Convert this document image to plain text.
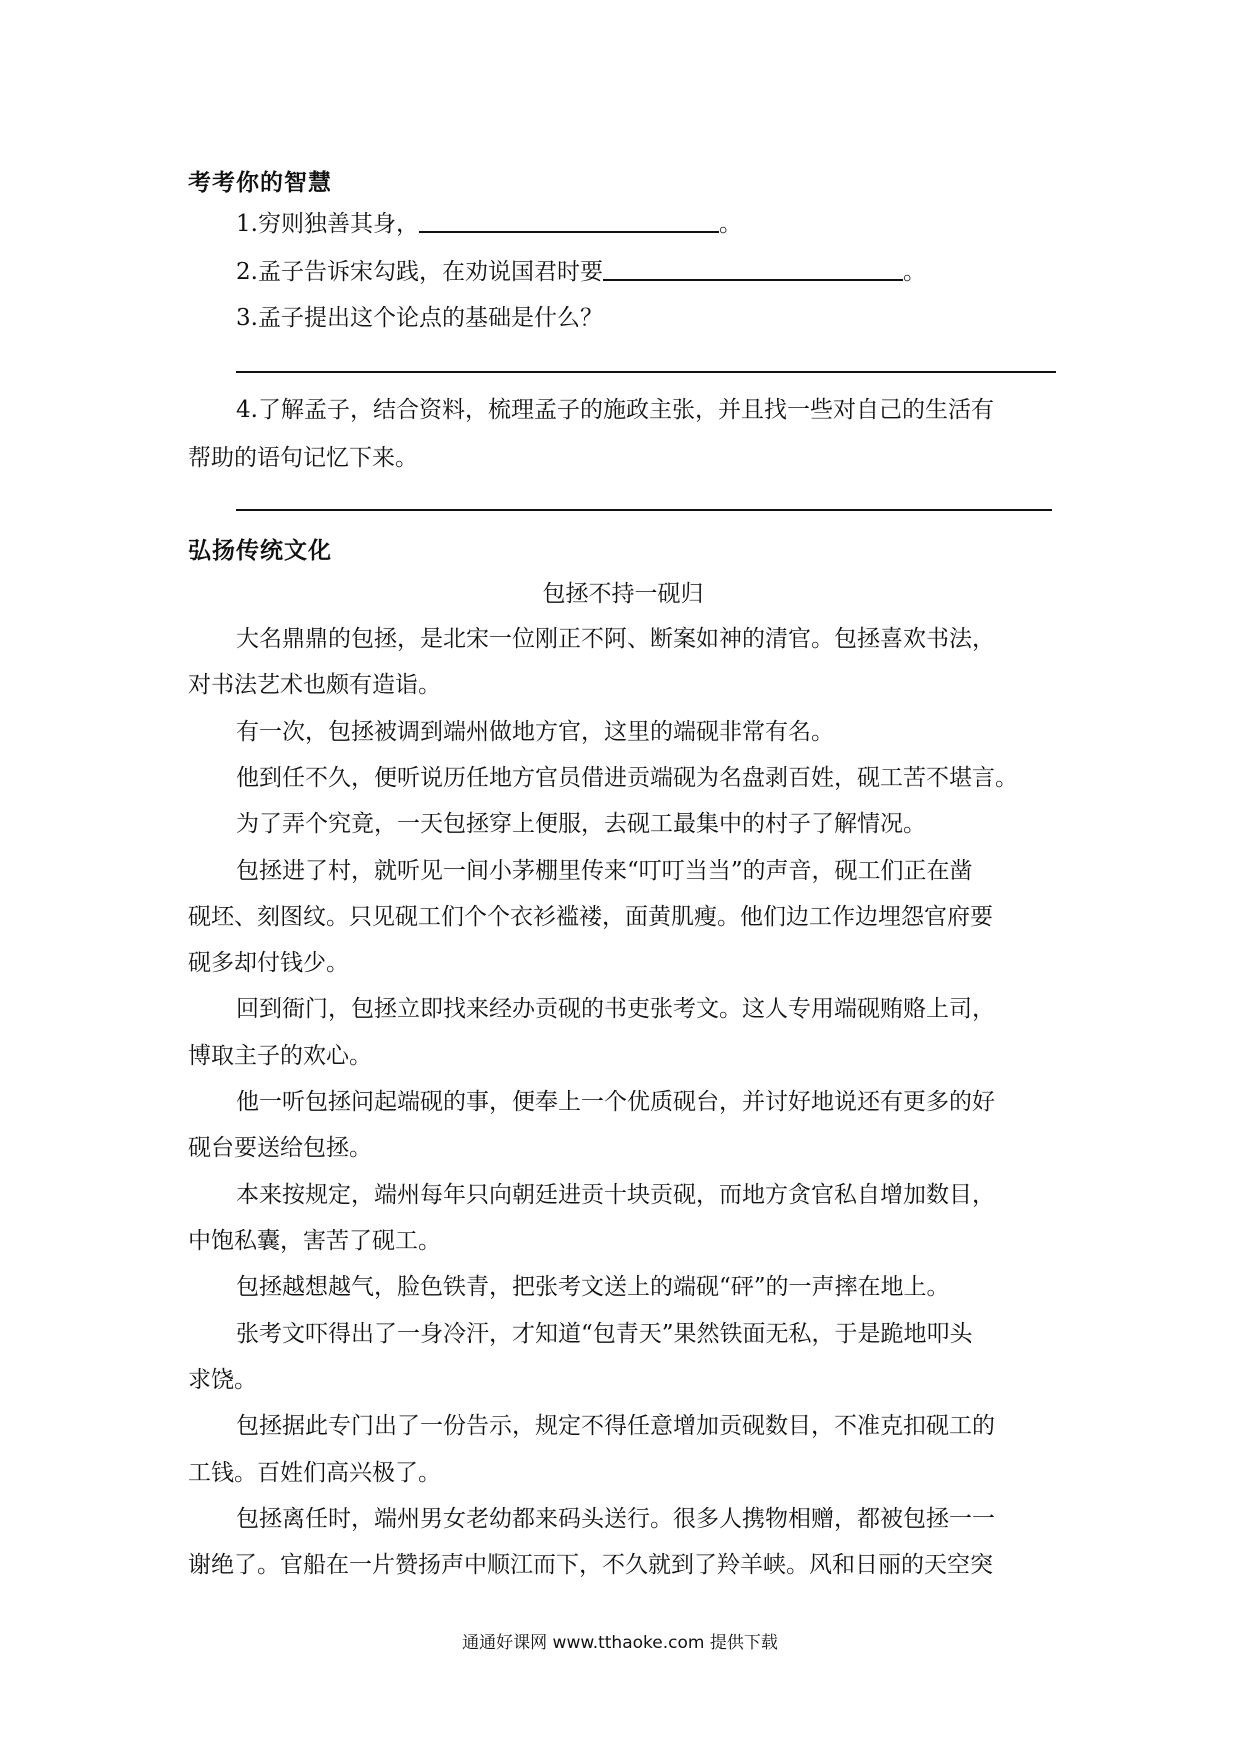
考考你的智慧
1.穷则独善其身，	。
2.孟子告诉宋勾践，在劝说国君时要	。
3.孟子提出这个论点的基础是什么？
4.了解孟子，结合资料，梳理孟子的施政主张，并且找一些对自己的生活有
帮助的语句记忆下来。
弘扬传统文化
包拯不持一砚归
大名鼎鼎的包拯，是北宋一位刚正不阿、断案如神的清官。包拯喜欢书法，
对书法艺术也颇有造诣。
有一次，包拯被调到端州做地方官，这里的端砚非常有名。
他到任不久，便听说历任地方官员借进贡端砚为名盘剥百姓，砚工苦不堪言。
为了弄个究竟，一天包拯穿上便服，去砚工最集中的村子了解情况。
包拯进了村，就听见一间小茅棚里传来“叮叮当当”的声音，砚工们正在凿
砚坯、刻图纹。只见砚工们个个衣衫褴褛，面黄肌瘦。他们边工作边埋怨官府要
砚多却付钱少。
回到衙门，包拯立即找来经办贡砚的书吏张考文。这人专用端砚贿赂上司，
博取主子的欢心。
他一听包拯问起端砚的事，便奉上一个优质砚台，并讨好地说还有更多的好
砚台要送给包拯。
本来按规定，端州每年只向朝廷进贡十块贡砚，而地方贪官私自增加数目，
中饱私囊，害苦了砚工。
包拯越想越气，脸色铁青，把张考文送上的端砚“砰”的一声摔在地上。
张考文吓得出了一身冷汗，才知道“包青天”果然铁面无私，于是跪地叩头
求饶。
包拯据此专门出了一份告示，规定不得任意增加贡砚数目，不准克扣砚工的
工钱。百姓们高兴极了。
包拯离任时，端州男女老幼都来码头送行。很多人携物相赠，都被包拯一一
谢绝了。官船在一片赞扬声中顺江而下，不久就到了羚羊峡。风和日丽的天空突
通通好课网 www.tthaoke.com 提供下载
